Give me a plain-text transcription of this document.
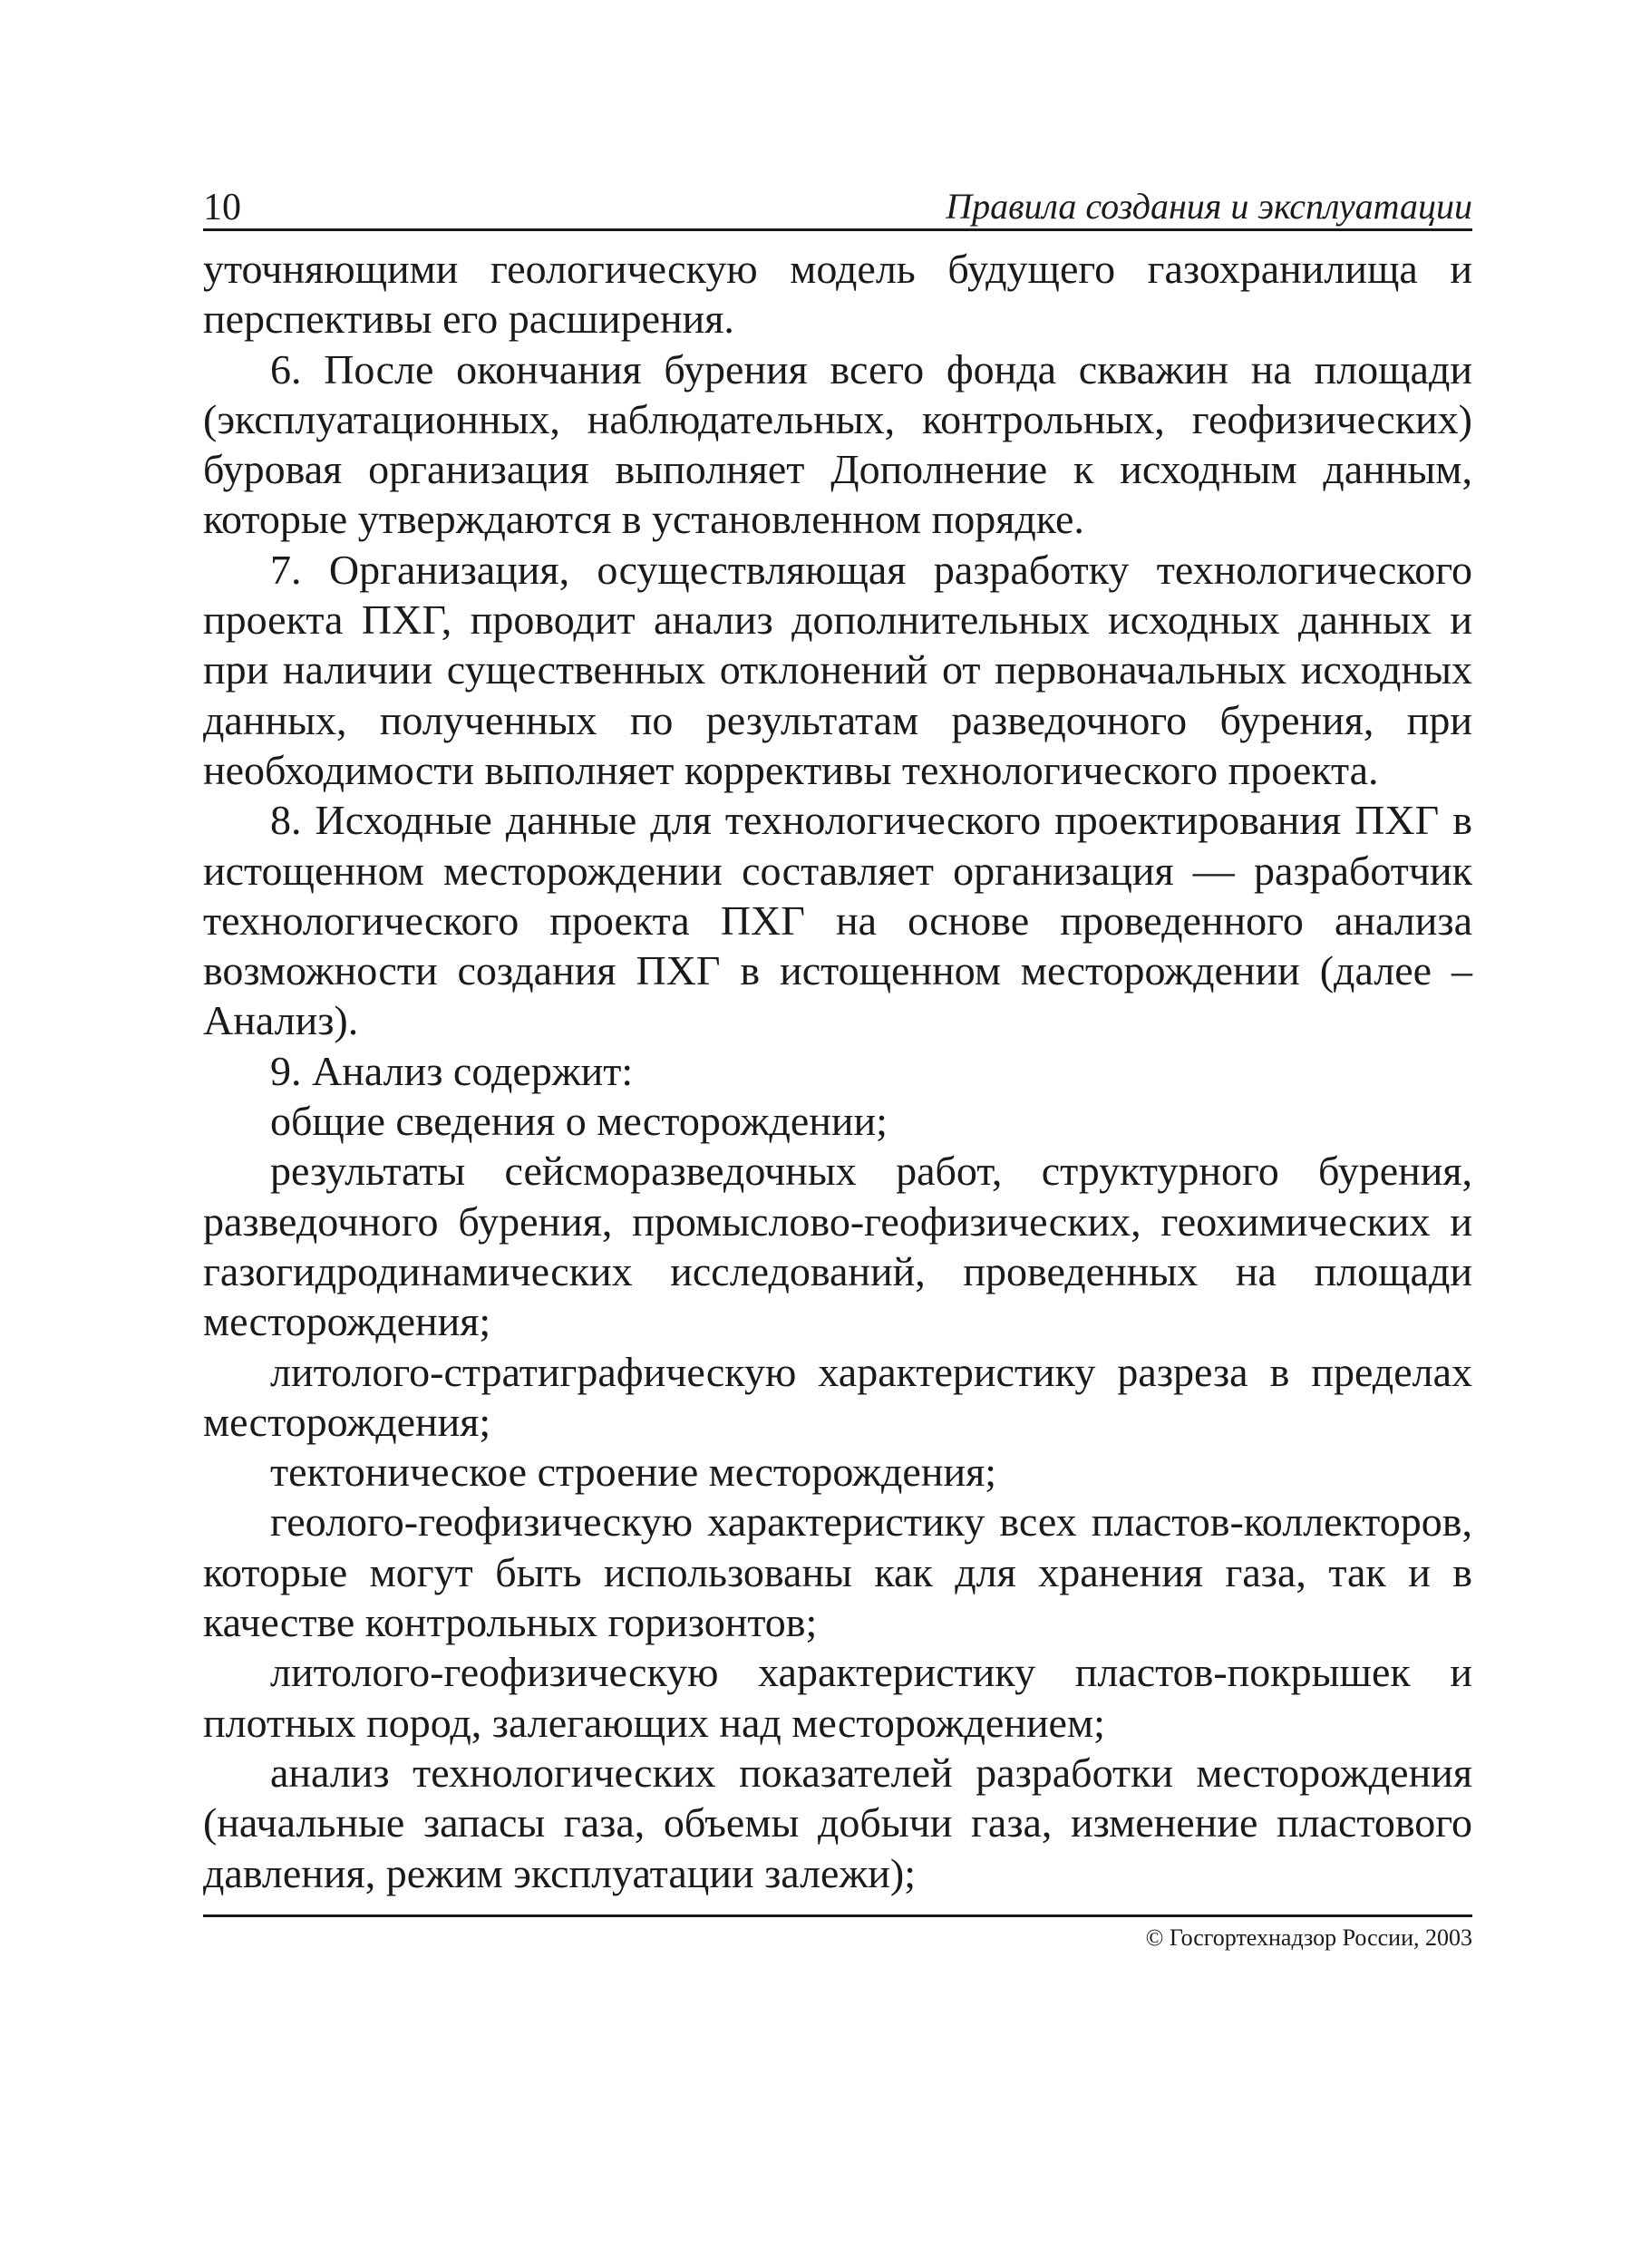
10	Правила создания и эксплуатации

уточняющими геологическую модель будущего газохранилища и перспективы его расширения.

6. После окончания бурения всего фонда скважин на площади (эксплуатационных, наблюдательных, контрольных, геофизических) буровая организация выполняет Дополнение к исходным данным, которые утверждаются в установленном порядке.

7. Организация, осуществляющая разработку технологического проекта ПХГ, проводит анализ дополнительных исходных данных и при наличии существенных отклонений от первоначальных исходных данных, полученных по результатам разведочного бурения, при необходимости выполняет коррективы технологического проекта.

8. Исходные данные для технологического проектирования ПХГ в истощенном месторождении составляет организация — разработчик технологического проекта ПХГ на основе проведенного анализа возможности создания ПХГ в истощенном месторождении (далее – Анализ).

9. Анализ содержит:

общие сведения о месторождении;

результаты сейсморазведочных работ, структурного бурения, разведочного бурения, промыслово-геофизических, геохимических и газогидродинамических исследований, проведенных на площади месторождения;

литолого-стратиграфическую характеристику разреза в пределах месторождения;

тектоническое строение месторождения;

геолого-геофизическую характеристику всех пластов-коллекторов, которые могут быть использованы как для хранения газа, так и в качестве контрольных горизонтов;

литолого-геофизическую характеристику пластов-покрышек и плотных пород, залегающих над месторождением;

анализ технологических показателей разработки месторождения (начальные запасы газа, объемы добычи газа, изменение пластового давления, режим эксплуатации залежи);

© Госгортехнадзор России, 2003
